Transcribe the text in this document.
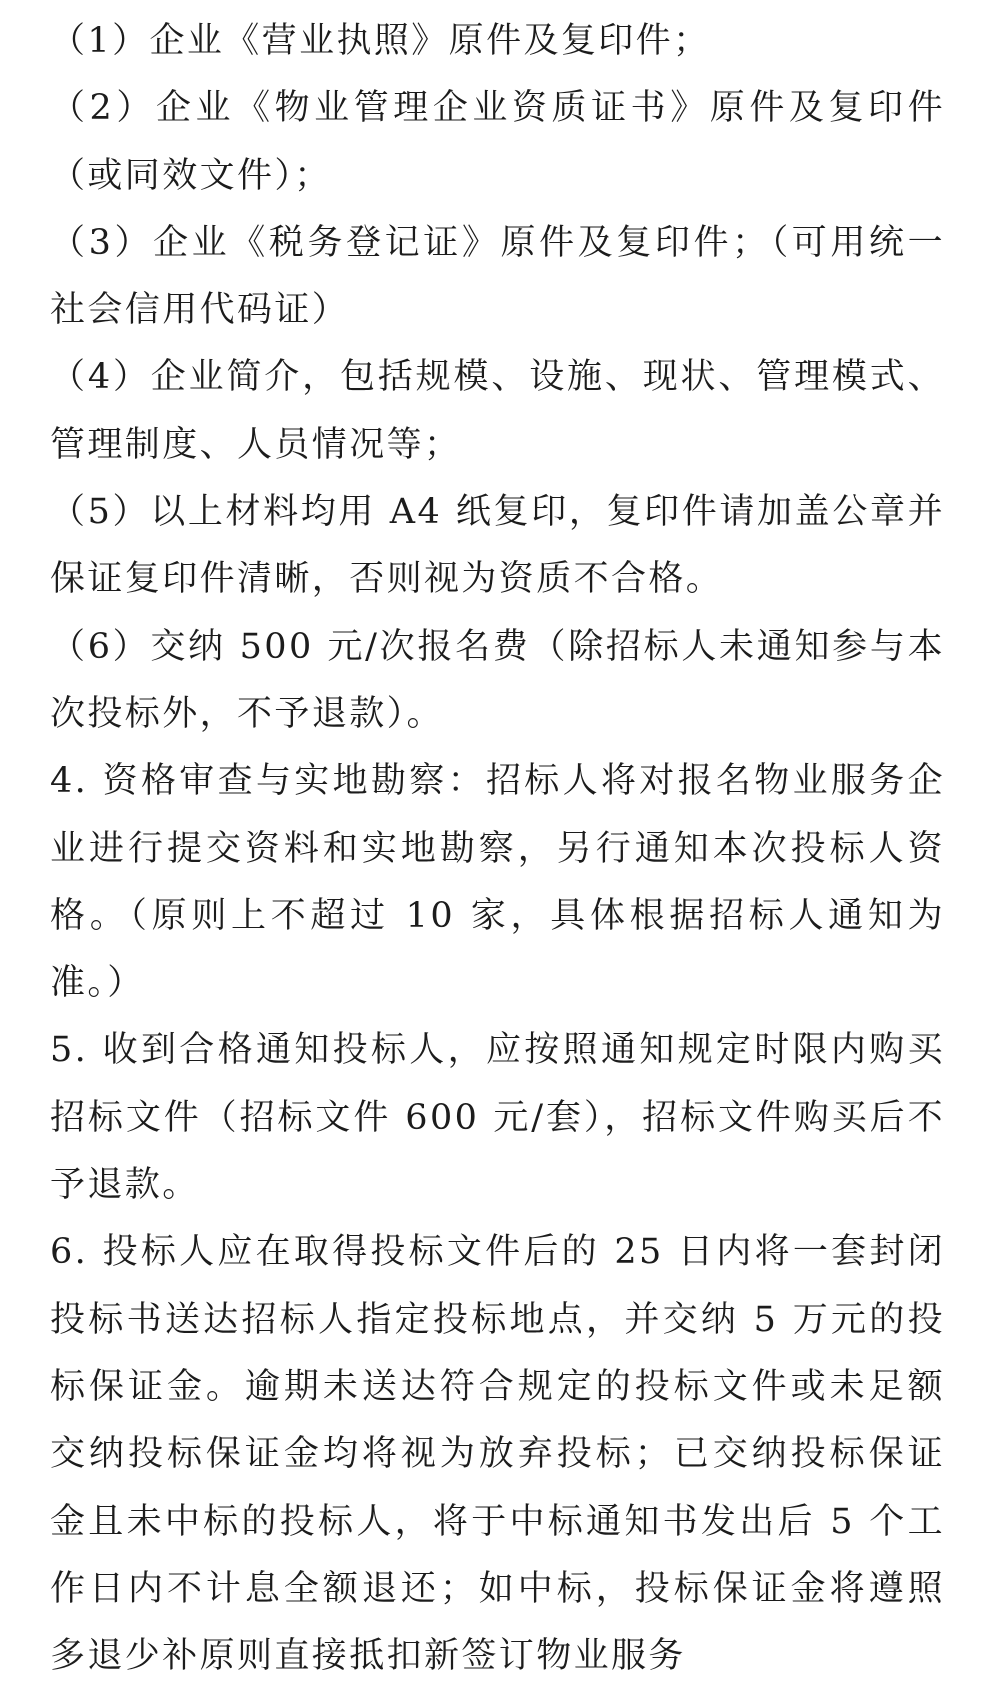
（1）企业《营业执照》原件及复印件；

（2）企业《物业管理企业资质证书》原件及复印件（或同效文件）；

（3）企业《税务登记证》原件及复印件；（可用统一社会信用代码证）

（4）企业简介，包括规模、设施、现状、管理模式、管理制度、人员情况等；

（5）以上材料均用 A4 纸复印，复印件请加盖公章并保证复印件清晰，否则视为资质不合格。

（6）交纳 500 元/次报名费（除招标人未通知参与本次投标外，不予退款）。

4. 资格审查与实地勘察：招标人将对报名物业服务企业进行提交资料和实地勘察，另行通知本次投标人资格。（原则上不超过 10 家，具体根据招标人通知为准。）

5. 收到合格通知投标人，应按照通知规定时限内购买招标文件（招标文件 600 元/套），招标文件购买后不予退款。

6. 投标人应在取得投标文件后的 25 日内将一套封闭投标书送达招标人指定投标地点，并交纳 5 万元的投标保证金。逾期未送达符合规定的投标文件或未足额交纳投标保证金均将视为放弃投标；已交纳投标保证金且未中标的投标人，将于中标通知书发出后 5 个工作日内不计息全额退还；如中标，投标保证金将遵照多退少补原则直接抵扣新签订物业服务
